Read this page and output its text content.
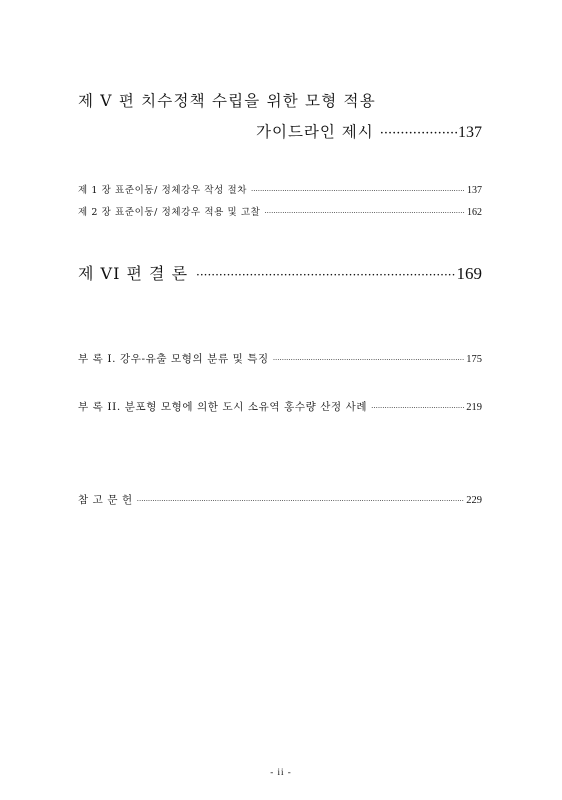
제 V 편 치수정책 수립을 위한 모형 적용
가이드라인 제시 ·····	137
제 1 장 표준이동/ 정체강우 작성 절차 ·····	137
제 2 장 표준이동/ 정체강우 적용 및 고찰 ·····	162
제 VI 편 결 론 ·····	169
부 록 I. 강우-유출 모형의 분류 및 특징 ·····	175
부 록 II. 분포형 모형에 의한 도시 소유역 홍수량 산정 사례 ·····	219
참 고 문 헌 ·····	229
- ii -
